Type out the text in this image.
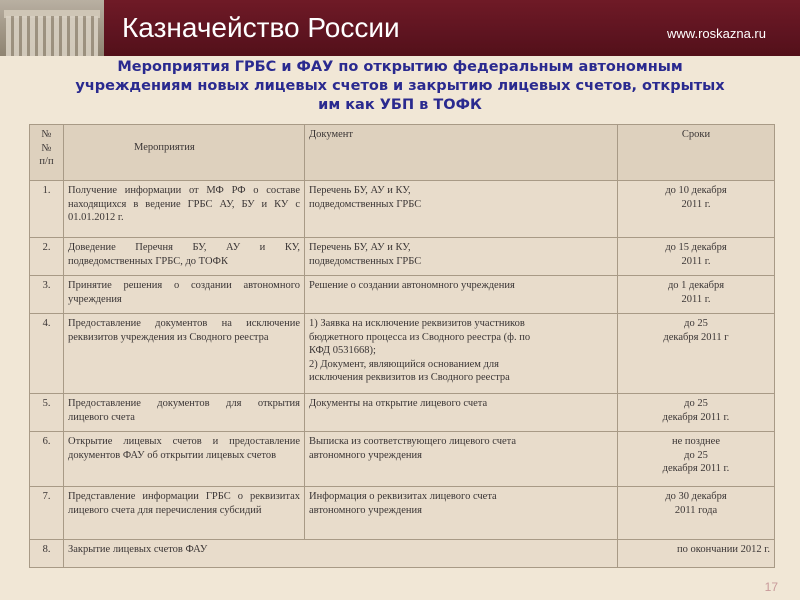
Казначейство России	www.roskazna.ru
Мероприятия ГРБС и ФАУ по открытию федеральным автономным
учреждениям новых лицевых счетов и закрытию лицевых счетов, открытых
им как УБП в ТОФК
№
№
п/п	Мероприятия	Документ	Сроки
1.	Получение информации от МФ РФ о составе находящихся в ведение ГРБС АУ, БУ и КУ с 01.01.2012 г.	Перечень БУ, АУ и КУ,
подведомственных ГРБС	до 10 декабря
2011 г.

2.	Доведение Перечня БУ, АУ и КУ, подведомственных ГРБС, до ТОФК	Перечень БУ, АУ и КУ,
подведомственных ГРБС	до 15 декабря
2011 г.

3.	Принятие решения о создании автономного учреждения	Решение о создании автономного учреждения	до 1 декабря
2011 г.

4.	Предоставление документов на исключение реквизитов учреждения из Сводного реестра	1) Заявка на исключение реквизитов участников
бюджетного процесса из Сводного реестра (ф. по
КФД 0531668);
2) Документ, являющийся основанием для
исключения реквизитов из Сводного реестра	до 25
декабря 2011 г

5.	Предоставление документов для открытия лицевого счета	Документы на открытие лицевого счета	до 25
декабря 2011 г.

6.	Открытие лицевых счетов и предоставление документов ФАУ об открытии лицевых счетов	Выписка из соответствующего лицевого счета
автономного учреждения	не позднее
до 25
декабря 2011 г.

7.	Представление информации ГРБС о реквизитах лицевого счета для перечисления субсидий	Информация о реквизитах лицевого счета
автономного учреждения	до 30 декабря
2011 года

8.	Закрытие лицевых счетов ФАУ		по окончании 2012 г.
17
